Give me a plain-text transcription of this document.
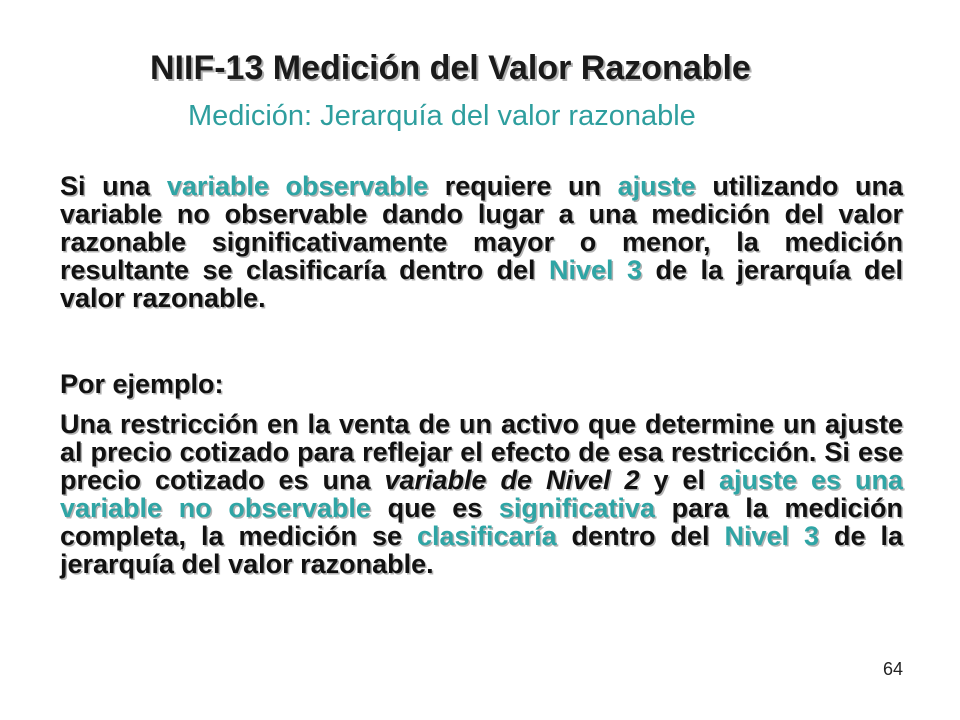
NIIF-13 Medición del Valor Razonable
Medición: Jerarquía del valor razonable

Si una variable observable requiere un ajuste utilizando una variable no observable dando lugar a una medición del valor razonable significativamente mayor o menor, la medición resultante se clasificaría dentro del Nivel 3 de la jerarquía del valor razonable.

Por ejemplo:

Una restricción en la venta de un activo que determine un ajuste al precio cotizado para reflejar el efecto de esa restricción. Si ese precio cotizado es una variable de Nivel 2 y el ajuste es una variable no observable que es significativa para la medición completa, la medición se clasificaría dentro del Nivel 3 de la jerarquía del valor razonable.

64
